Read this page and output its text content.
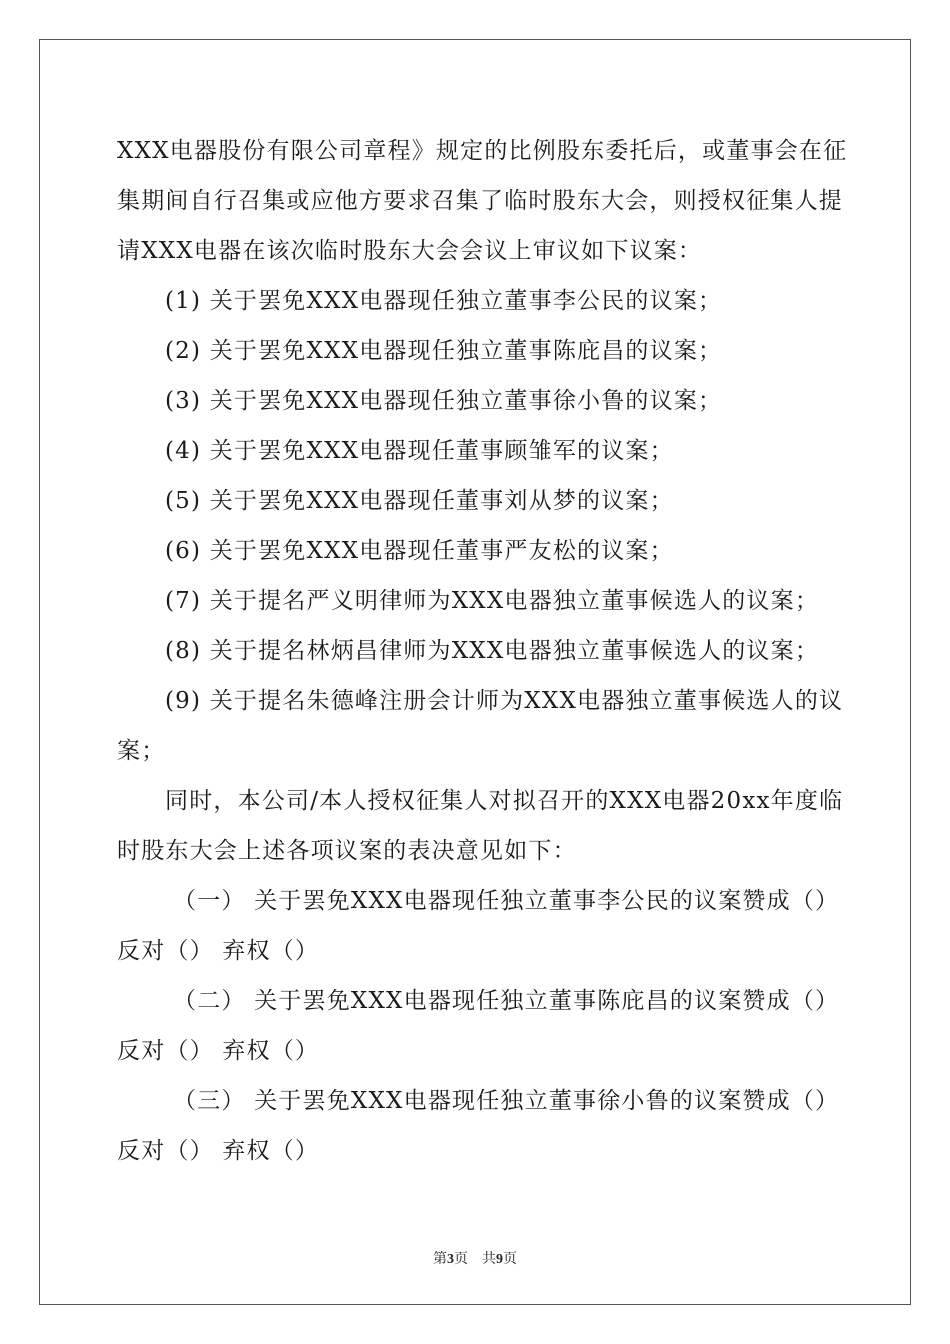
XXX电器股份有限公司章程》规定的比例股东委托后，或董事会在征
集期间自行召集或应他方要求召集了临时股东大会，则授权征集人提
请XXX电器在该次临时股东大会会议上审议如下议案：
(1) 关于罢免XXX电器现任独立董事李公民的议案；
(2) 关于罢免XXX电器现任独立董事陈庇昌的议案；
(3) 关于罢免XXX电器现任独立董事徐小鲁的议案；
(4) 关于罢免XXX电器现任董事顾雏军的议案；
(5) 关于罢免XXX电器现任董事刘从梦的议案；
(6) 关于罢免XXX电器现任董事严友松的议案；
(7) 关于提名严义明律师为XXX电器独立董事候选人的议案；
(8) 关于提名林炳昌律师为XXX电器独立董事候选人的议案；
(9) 关于提名朱德峰注册会计师为XXX电器独立董事候选人的议
案；
同时，本公司/本人授权征集人对拟召开的XXX电器20xx年度临
时股东大会上述各项议案的表决意见如下：
（一） 关于罢免XXX电器现任独立董事李公民的议案赞成（）
反对（） 弃权（）
（二） 关于罢免XXX电器现任独立董事陈庇昌的议案赞成（）
反对（） 弃权（）
（三） 关于罢免XXX电器现任独立董事徐小鲁的议案赞成（）
反对（） 弃权（）
第3页 共9页
